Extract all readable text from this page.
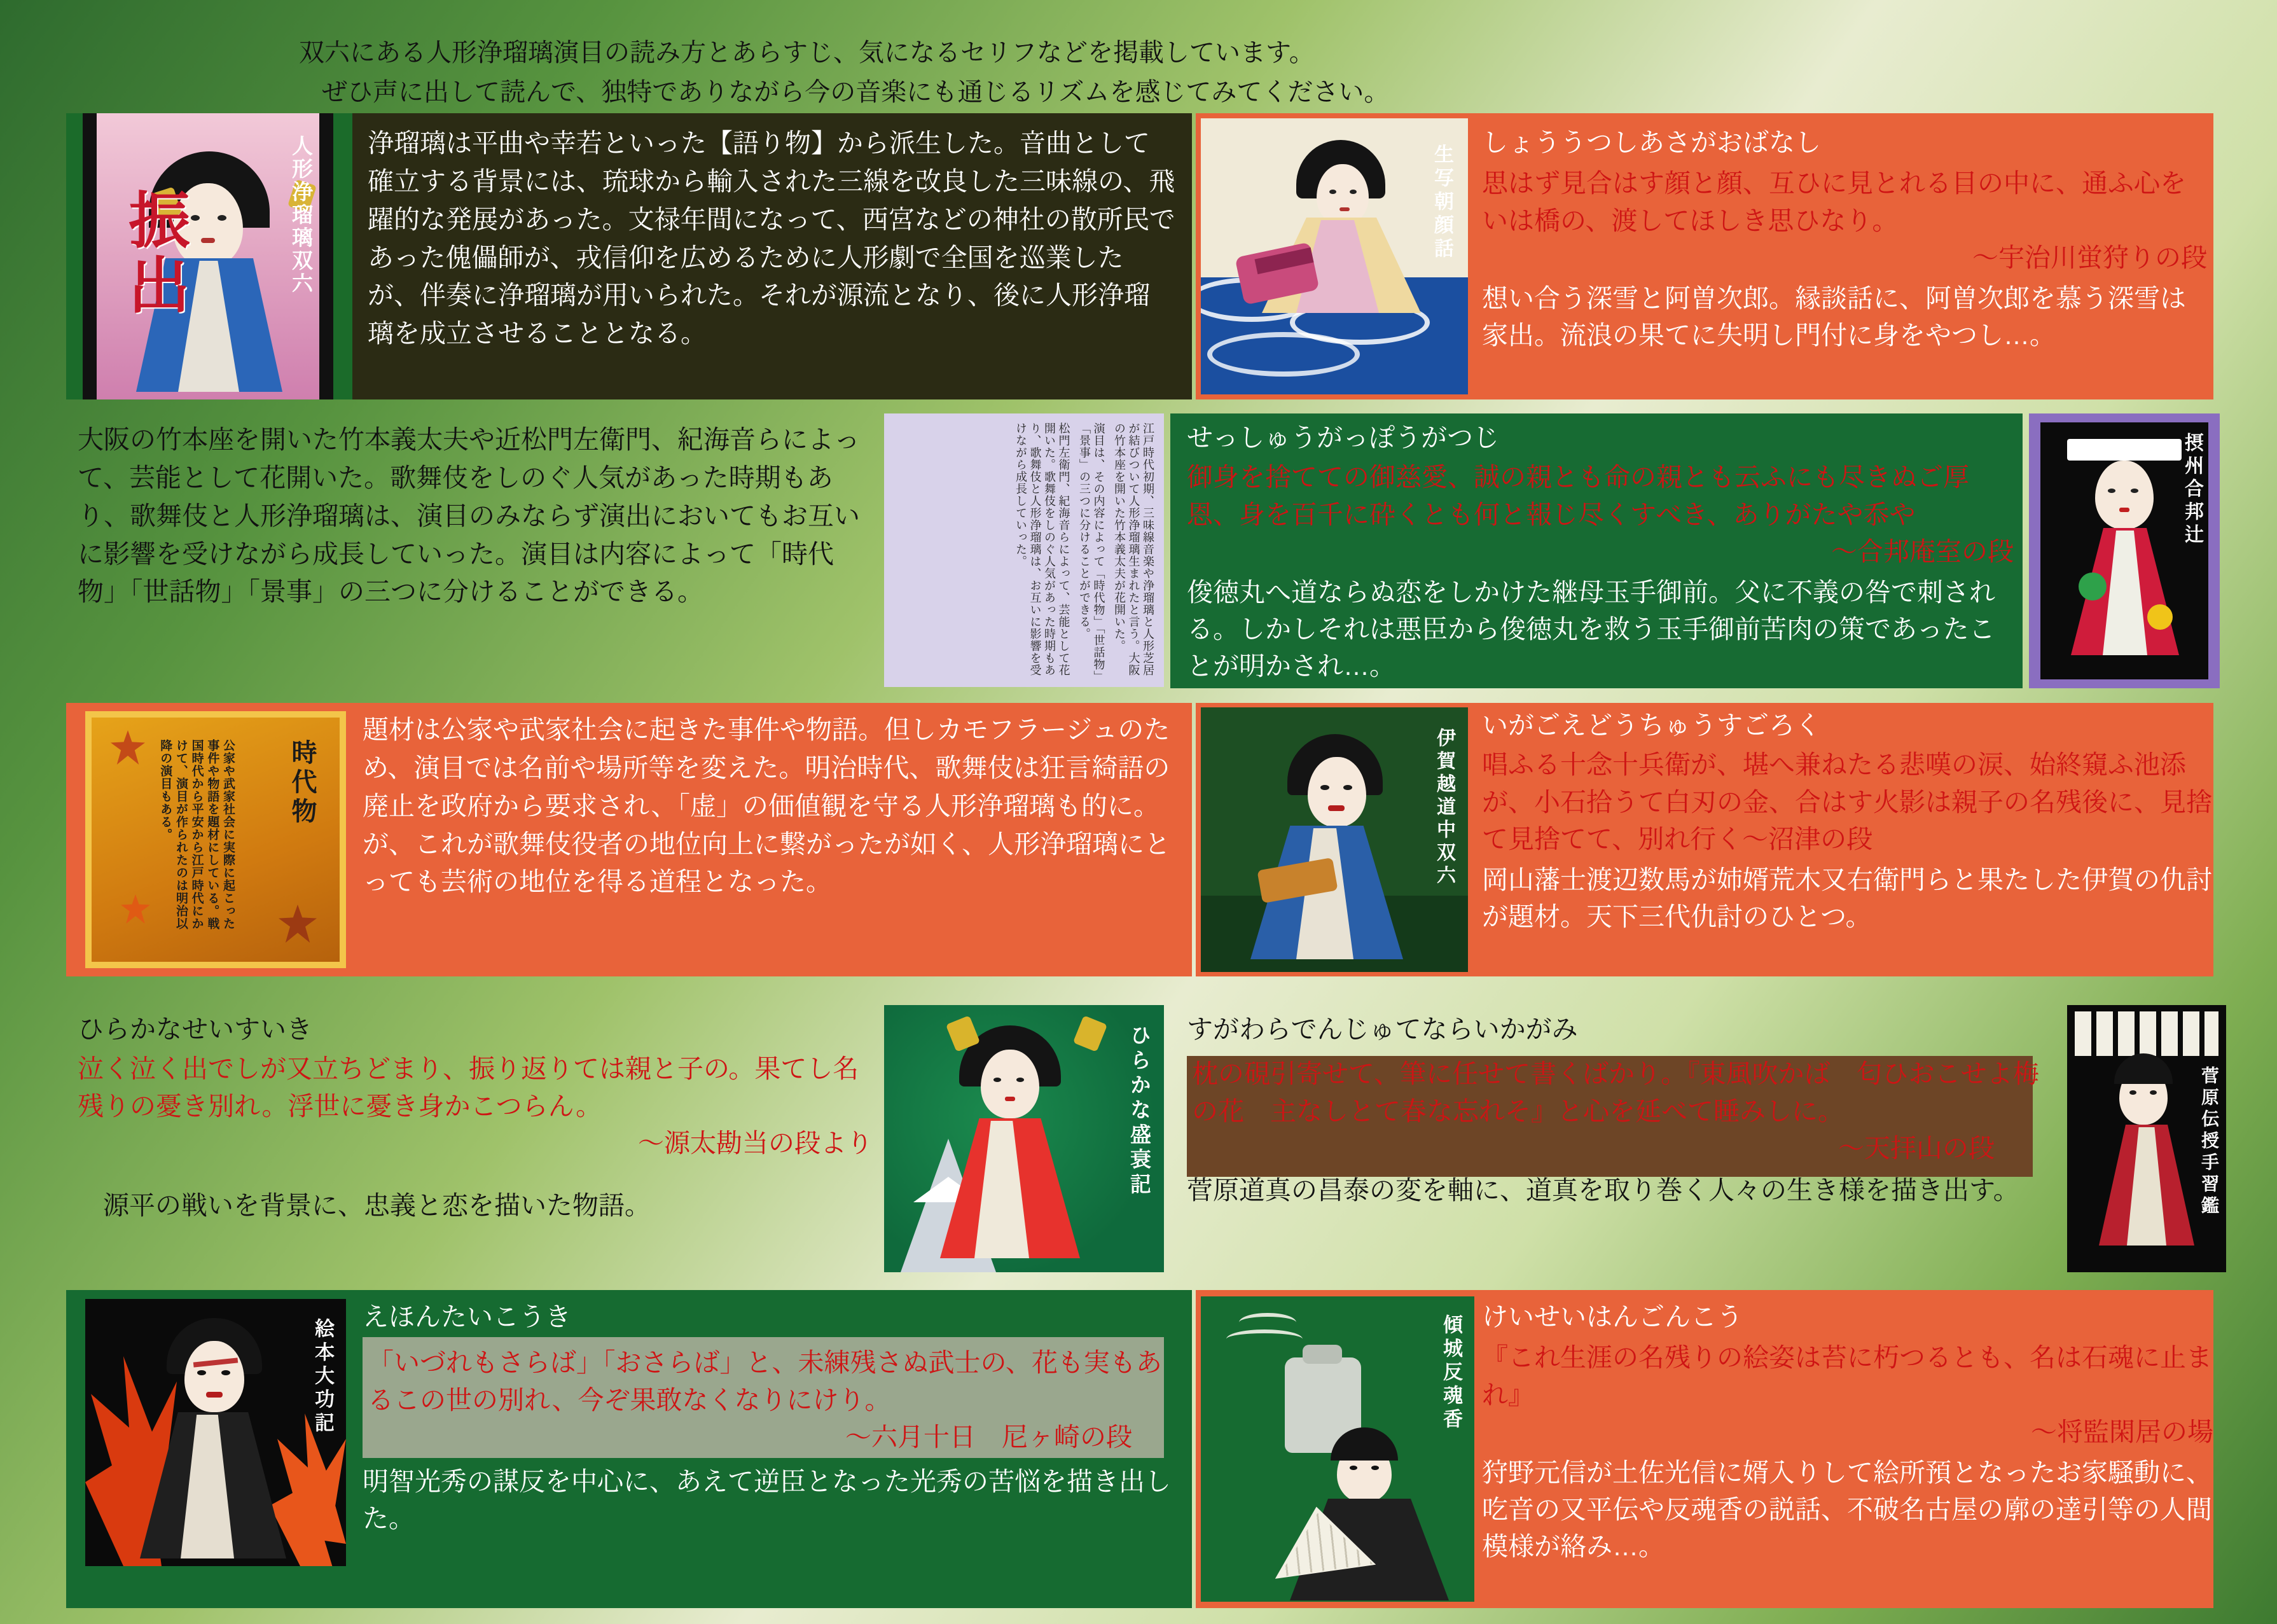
双六にある人形浄瑠璃演目の読み方とあらすじ、気になるセリフなどを掲載しています。
ぜひ声に出して読んで、独特でありながら今の音楽にも通じるリズムを感じてみてください。
振出	人形浄瑠璃双六 浄瑠璃は平曲や幸若といった【語り物】から派生した。音曲として確立する背景には、琉球から輸入された三線を改良した三味線の、飛躍的な発展があった。文禄年間になって、西宮などの神社の散所民であった傀儡師が、戎信仰を広めるために人形劇で全国を巡業したが、伴奏に浄瑠璃が用いられた。それが源流となり、後に人形浄瑠璃を成立させることとなる。
生写朝顔話
しょううつしあさがおばなし
思はず見合はす顔と顔、互ひに見とれる目の中に、通ふ心をいは橋の、渡してほしき思ひなり。
〜宇治川蛍狩りの段
想い合う深雪と阿曽次郎。縁談話に、阿曽次郎を慕う深雪は家出。流浪の果てに失明し門付に身をやつし…。
大阪の竹本座を開いた竹本義太夫や近松門左衛門、紀海音らによって、芸能として花開いた。歌舞伎をしのぐ人気があった時期もあり、歌舞伎と人形浄瑠璃は、演目のみならず演出においてもお互いに影響を受けながら成長していった。演目は内容によって「時代物」「世話物」「景事」の三つに分けることができる。	江戸時代初期、三味線音楽や浄瑠璃と人形芝居が結びついて人形浄瑠璃生まれたと言う。大阪の竹本座を開いた竹本義太夫が花開いた。
演目は、その内容によって「時代物」「世話物」「景事」の三つに分けることができる。
松門左衛門、紀海音らによって、芸能として花開いた。歌舞伎をしのぐ人気があった時期もあり、歌舞伎と人形浄瑠璃は、お互いに影響を受けながら成長していった。	せっしゅうがっぽうがつじ
御身を捨てての御慈愛、誠の親とも命の親とも云ふにも尽きぬご厚恩、身を百千に砕くとも何と報じ尽くすべき、ありがたや忝や
〜合邦庵室の段
俊徳丸へ道ならぬ恋をしかけた継母玉手御前。父に不義の咎で刺される。しかしそれは悪臣から俊徳丸を救う玉手御前苦肉の策であったことが明かされ…。
摂州合邦辻
時代物
公家や武家社会に実際に起こった事件や物語を題材にしている。戦国時代から平安から江戸時代にかけて、演目が作られたのは明治以降の演目もある。
題材は公家や武家社会に起きた事件や物語。但しカモフラージュのため、演目では名前や場所等を変えた。明治時代、歌舞伎は狂言綺語の廃止を政府から要求され、「虚」の価値観を守る人形浄瑠璃も的に。が、これが歌舞伎役者の地位向上に繋がったが如く、人形浄瑠璃にとっても芸術の地位を得る道程となった。	伊賀越道中双六
いがごえどうちゅうすごろく
唱ふる十念十兵衛が、堪へ兼ねたる悲嘆の涙、始終窺ふ池添が、小石拾うて白刃の金、合はす火影は親子の名残後に、見捨て見捨てて、別れ行く〜沼津の段
岡山藩士渡辺数馬が姉婿荒木又右衛門らと果たした伊賀の仇討が題材。天下三代仇討のひとつ。
ひらかなせいすいき
泣く泣く出でしが又立ちどまり、振り返りては親と子の。果てし名残りの憂き別れ。浮世に憂き身かこつらん。
〜源太勘当の段より
源平の戦いを背景に、忠義と恋を描いた物語。
ひらかな盛衰記 すがわらでんじゅてならいかがみ
枕の硯引寄せて、筆に任せて書くばかり。『東風吹かば　匂ひおこせよ梅の花　主なしとて春な忘れそ』と心を延べて睡みしに。
〜天拝山の段
菅原道真の昌泰の変を軸に、道真を取り巻く人々の生き様を描き出す。	菅原伝授手習鑑
絵本大功記
えほんたいこうき
「いづれもさらば」「おさらば」と、未練残さぬ武士の、花も実もあるこの世の別れ、今ぞ果敢なくなりにけり。
〜六月十日　尼ヶ崎の段
明智光秀の謀反を中心に、あえて逆臣となった光秀の苦悩を描き出した。
傾城反魂香 けいせいはんごんこう
『これ生涯の名残りの絵姿は苔に朽つるとも、名は石魂に止まれ』
〜将監閑居の場
狩野元信が土佐光信に婿入りして絵所預となったお家騒動に、吃音の又平伝や反魂香の説話、不破名古屋の廓の達引等の人間模様が絡み…。
